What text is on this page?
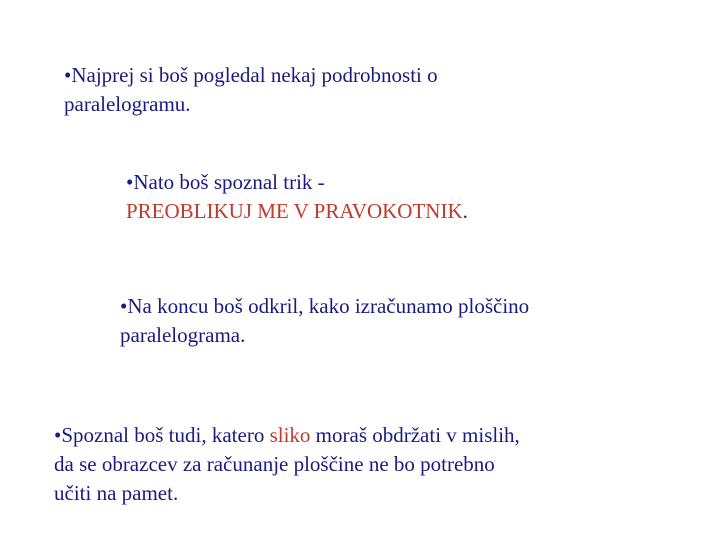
•Najprej si boš pogledal nekaj podrobnosti o
paralelogramu.

•Nato boš spoznal trik -
PREOBLIKUJ ME V PRAVOKOTNIK.

•Na koncu boš odkril, kako izračunamo ploščino
paralelograma.

•Spoznal boš tudi, katero sliko moraš obdržati v mislih,
da se obrazcev za računanje ploščine ne bo potrebno
učiti na pamet.
